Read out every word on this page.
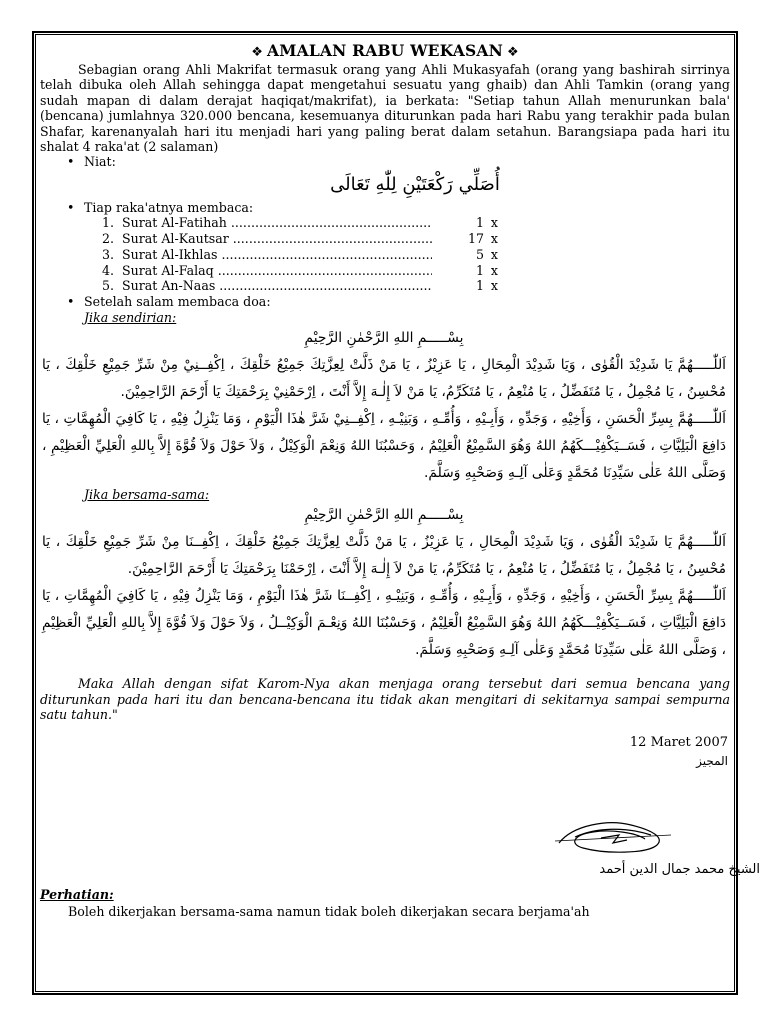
❖ AMALAN RABU WEKASAN ❖

Sebagian orang Ahli Makrifat termasuk orang yang Ahli Mukasyafah (orang yang bashirah sirrinya telah dibuka oleh Allah sehingga dapat mengetahui sesuatu yang ghaib) dan Ahli Tamkin (orang yang sudah mapan di dalam derajat haqiqat/makrifat), ia berkata: "Setiap tahun Allah menurunkan bala' (bencana) jumlahnya 320.000 bencana, kesemuanya diturunkan pada hari Rabu yang terakhir pada bulan Shafar, karenanyalah hari itu menjadi hari yang paling berat dalam setahun. Barangsiapa pada hari itu shalat 4 raka'at (2 salaman)

• Niat:
أُصَلِّي رَكْعَتَيْنِ لِلّٰهِ تَعَالَى
• Tiap raka'atnya membaca:
1. Surat Al-Fatihah .....	1 x
2. Surat Al-Kautsar .....	17 x
3. Surat Al-Ikhlas .....	5 x
4. Surat Al-Falaq .....	1 x
5. Surat An-Naas .....	1 x
• Setelah salam membaca doa:
Jika sendirian:
بِسْـــــمِ اللهِ الرَّحْمٰنِ الرَّحِيْمِ

اَللّٰـــــهُمَّ يَا شَدِيْدَ الْقُوٰى ، وَيَا شَدِيْدَ الْمِحَالِ ، يَا عَزِيْزُ ، يَا مَنْ ذَلَّتْ لِعِزَّتِكَ جَمِيْعُ خَلْقِكَ ، اِكْفِــنِيْ مِنْ شَرِّ جَمِيْعِ خَلْقِكَ ، يَا مُحْسِنُ ، يَا مُجْمِلُ ، يَا مُتَفَضِّلُ ، يَا مُنْعِمُ ، يَا مُتَكَرِّمُ، يَا مَنْ لاَ إِلٰـهَ إِلاَّ أَنْتَ ، اِرْحَمْنِيْ بِرَحْمَتِكَ يَا أَرْحَمَ الرَّاحِمِيْنَ.

اَللّٰـــــهُمَّ بِسِرِّ الْحَسَنِ ، وَأَخِيْهِ ، وَجَدِّهِ ، وَأَبِـيْهِ ، وَأُمِّـهِ ، وَبَنِيْـهِ ، اِكْفِــنِيْ شَرَّ هٰذَا الْيَوْمِ ، وَمَا يَنْزِلُ فِيْهِ ، يَا كَافِيَ الْمُهِمَّاتِ ، يَا دَافِعَ الْبَلِيَّاتِ ، فَسَــيَكْفِيْـــكَهُمُ اللهُ وَهُوَ السَّمِيْعُ الْعَلِيْمُ ، وَحَسْبُنَا اللهُ وَنِعْمَ الْوَكِيْلُ ، وَلاَ حَوْلَ وَلاَ قُوَّةَ إِلاَّ بِاللهِ الْعَلِيِّ الْعَظِيْمِ ، وَصَلَّى اللهُ عَلٰى سَيِّدِنَا مُحَمَّدٍ وَعَلٰى آلِـهِ وَصَحْبِهِ وَسَلَّمَ.

Jika bersama-sama:
بِسْـــــمِ اللهِ الرَّحْمٰنِ الرَّحِيْمِ

اَللّٰـــــهُمَّ يَا شَدِيْدَ الْقُوٰى ، وَيَا شَدِيْدَ الْمِحَالِ ، يَا عَزِيْزُ ، يَا مَنْ ذَلَّتْ لِعِزَّتِكَ جَمِيْعُ خَلْقِكَ ، اِكْفِــنَا مِنْ شَرِّ جَمِيْعِ خَلْقِكَ ، يَا مُحْسِنُ ، يَا مُجْمِلُ ، يَا مُتَفَضِّلُ ، يَا مُنْعِمُ ، يَا مُتَكَرِّمُ، يَا مَنْ لاَ إِلٰـهَ إِلاَّ أَنْتَ ، اِرْحَمْنَا بِرَحْمَتِكَ يَا أَرْحَمَ الرَّاحِمِيْنَ.

اَللّٰـــــهُمَّ بِسِرِّ الْحَسَنِ ، وَأَخِيْهِ ، وَجَدِّهِ ، وَأَبِـيْهِ ، وَأُمِّـهِ ، وَبَنِيْـهِ ، اِكْفِــنَا شَرَّ هٰذَا الْيَوْمِ ، وَمَا يَنْزِلُ فِيْهِ ، يَا كَافِيَ الْمُهِمَّاتِ ، يَا دَافِعَ الْبَلِيَّاتِ ، فَسَــيَكْفِيْـــكَهُمُ اللهُ وَهُوَ السَّمِيْعُ الْعَلِيْمُ ، وَحَسْبُنَا اللهُ وَنِعْـمَ الْوَكِيْــلُ ، وَلاَ حَوْلَ وَلاَ قُوَّةَ إِلاَّ بِاللهِ الْعَلِيِّ الْعَظِيْمِ ، وَصَلَّى اللهُ عَلٰى سَيِّدِنَا مُحَمَّدٍ وَعَلٰى آلِـهِ وَصَحْبِهِ وَسَلَّمَ.

Maka Allah dengan sifat Karom-Nya akan menjaga orang tersebut dari semua bencana yang diturunkan pada hari itu dan bencana-bencana itu tidak akan mengitari di sekitarnya sampai sempurna satu tahun."

12 Maret 2007
المجيز
الشيخ محمد جمال الدين أحمد
Perhatian:
Boleh dikerjakan bersama-sama namun tidak boleh dikerjakan secara berjama'ah
